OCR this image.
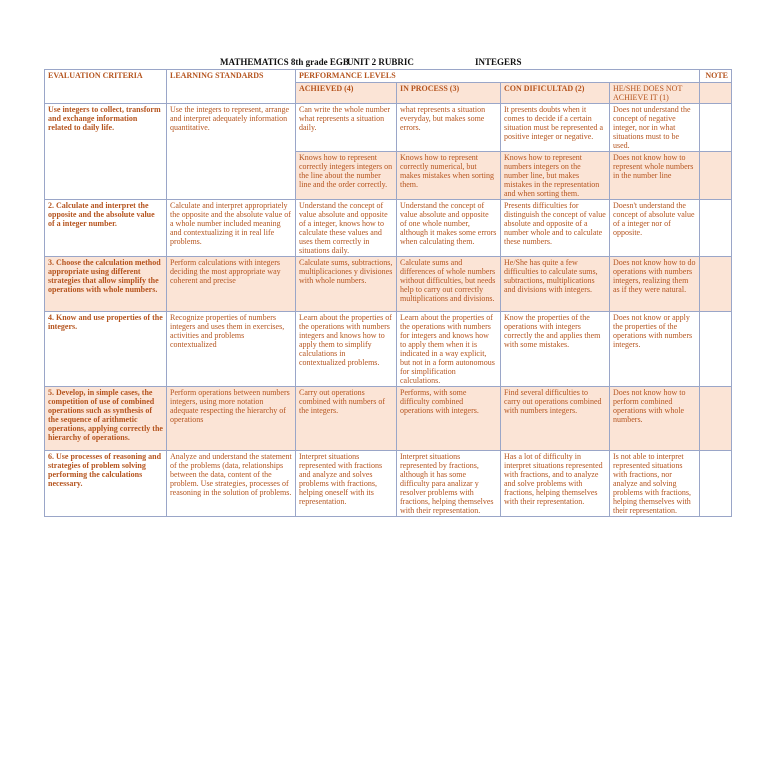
MATHEMATICS 8th grade EGB
UNIT 2 RUBRIC	INTEGERS
EVALUATION CRITERIA	LEARNING STANDARDS	PERFORMANCE LEVELS				NOTE
		ACHIEVED (4)	IN PROCESS (3)	CON DIFICULTAD (2)	HE/SHE DOES NOT ACHIEVE IT (1)	
Use integers to collect, transform and exchange information related to daily life.	Use the integers to represent, arrange and interpret adequately information quantitative.	Can write the whole number what represents a situation daily.	what represents a situation everyday, but makes some errors.	It presents doubts when it comes to decide if a certain situation must be represented a positive integer or negative.	Does not understand the concept of negative integer, nor in what situations must to be used.	
		Knows how to represent correctly integers integers on the line about the number line and the order correctly.	Knows how to represent correctly numerical, but makes mistakes when sorting them.	Knows how to represent numbers integers on the number line, but makes mistakes in the representation and when sorting them.	Does not know how to represent whole numbers in the number line	
2. Calculate and interpret the opposite and the absolute value of a integer number.	Calculate and interpret appropriately the opposite and the absolute value of a whole number included meaning and contextualizing it in real life problems.	Understand the concept of value absolute and opposite of a integer, knows how to calculate these values and uses them correctly in situations daily.	Understand the concept of value absolute and opposite of one whole number, although it makes some errors when calculating them.	Presents difficulties for distinguish the concept of value absolute and opposite of a number whole and to calculate these numbers.	Doesn't understand the concept of absolute value of a integer nor of opposite.	
3. Choose the calculation method appropriate using different strategies that allow simplify the operations with whole numbers.	Perform calculations with integers deciding the most appropriate way coherent and precise	Calculate sums, subtractions, multiplicaciones y divisiones with whole numbers.	Calculate sums and differences of whole numbers without difficulties, but needs help to carry out correctly multiplications and divisions.	He/She has quite a few difficulties to calculate sums, subtractions, multiplications and divisions with integers.	Does not know how to do operations with numbers integers, realizing them as if they were natural.	
4. Know and use properties of the integers.	Recognize properties of numbers integers and uses them in exercises, activities and problems contextualized	Learn about the properties of the operations with numbers integers and knows how to apply them to simplify calculations in contextualized problems.	Learn about the properties of the operations with numbers for integers and knows how to apply them when it is indicated in a way explicit, but not in a form autonomous for simplification calculations.	Know the properties of the operations with integers correctly the and applies them with some mistakes.	Does not know or apply the properties of the operations with numbers integers.	
5. Develop, in simple cases, the competition of use of combined operations such as synthesis of the sequence of arithmetic operations, applying correctly the hierarchy of operations.	Perform operations between numbers integers, using more notation adequate respecting the hierarchy of operations	Carry out operations combined with numbers of the integers.	Performs, with some difficulty combined operations with integers.	Find several difficulties to carry out operations combined with numbers integers.	Does not know how to perform combined operations with whole numbers.	
6. Use processes of reasoning and strategies of problem solving performing the calculations necessary.	Analyze and understand the statement of the problems (data, relationships between the data, content of the problem. Use strategies, processes of reasoning in the solution of problems.	Interpret situations represented with fractions and analyze and solves problems with fractions, helping oneself with its representation.	Interpret situations represented by fractions, although it has some difficulty para analizar y resolver problems with fractions, helping themselves with their representation.	Has a lot of difficulty in interpret situations represented with fractions, and to analyze and solve problems with fractions, helping themselves with their representation.	Is not able to interpret represented situations with fractions, nor analyze and solving problems with fractions, helping themselves with their representation.	
